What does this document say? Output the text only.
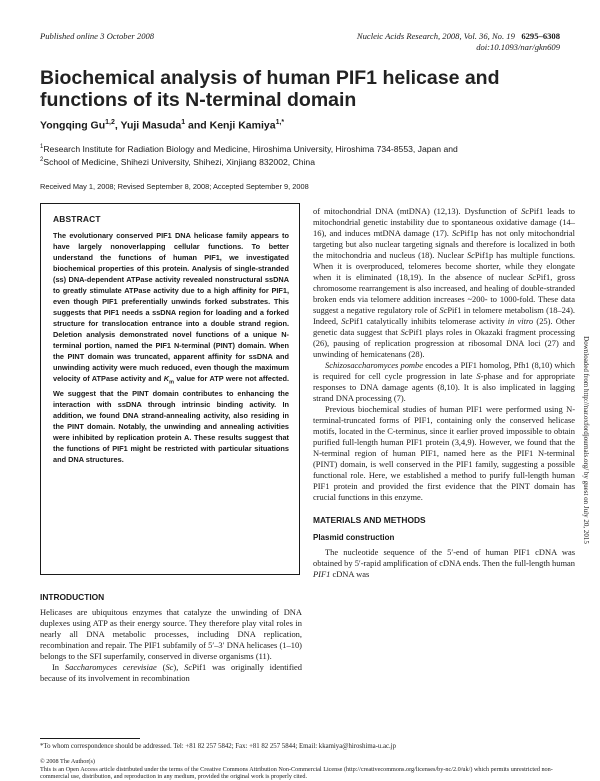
Published online 3 October 2008	Nucleic Acids Research, 2008, Vol. 36, No. 19 6295–6308
doi:10.1093/nar/gkn609
Biochemical analysis of human PIF1 helicase and functions of its N-terminal domain
Yongqing Gu$^{1,2}$, Yuji Masuda$^1$ and Kenji Kamiya$^{1,*}$
$^1$Research Institute for Radiation Biology and Medicine, Hiroshima University, Hiroshima 734-8553, Japan and
$^2$School of Medicine, Shihezi University, Shihezi, Xinjiang 832002, China
Received May 1, 2008; Revised September 8, 2008; Accepted September 9, 2008
ABSTRACT

The evolutionary conserved PIF1 DNA helicase family appears to have largely nonoverlapping cellular functions. To better understand the functions of human PIF1, we investigated biochemical properties of this protein. Analysis of single-stranded (ss) DNA-dependent ATPase activity revealed nonstructural ssDNA to greatly stimulate ATPase activity due to a high affinity for PIF1, even though PIF1 preferentially unwinds forked substrates. This suggests that PIF1 needs a ssDNA region for loading and a forked structure for translocation entrance into a double strand region. Deletion analysis demonstrated novel functions of a unique N-terminal portion, named the PIF1 N-terminal (PINT) domain. When the PINT domain was truncated, apparent affinity for ssDNA and unwinding activity were much reduced, even though the maximum velocity of ATPase activity and $K_m$ value for ATP were not affected. We suggest that the PINT domain contributes to enhancing the interaction with ssDNA through intrinsic binding activity. In addition, we found DNA strand-annealing activity, also residing in the PINT domain. Notably, the unwinding and annealing activities were inhibited by replication protein A. These results suggest that the functions of PIF1 might be restricted with particular situations and DNA structures.

INTRODUCTION

Helicases are ubiquitous enzymes that catalyze the unwinding of DNA duplexes using ATP as their energy source. They therefore play vital roles in nearly all DNA metabolic processes, including DNA replication, recombination and repair. The PIF1 subfamily of 5′–3′ DNA helicases (1–10) belongs to the SFI superfamily, conserved in diverse organisms (11).

In Saccharomyces cerevisiae (Sc), ScPif1 was originally identified because of its involvement in recombination

of mitochondrial DNA (mtDNA) (12,13). Dysfunction of ScPif1 leads to mitochondrial genetic instability due to spontaneous oxidative damage (14–16), and induces mtDNA damage (17). ScPif1p has not only mitochondrial targeting but also nuclear targeting signals and therefore is localized in both the mitochondria and nucleus (18). Nuclear ScPif1p has multiple functions. When it is overproduced, telomeres become shorter, while they elongate when it is eliminated (18,19). In the absence of nuclear ScPif1, gross chromosome rearrangement is also increased, and healing of double-stranded broken ends via telomere addition increases ~200- to 1000-fold. These data suggest a negative regulatory role of ScPif1 in telomere metabolism (18–24). Indeed, ScPif1 catalytically inhibits telomerase activity in vitro (25). Other genetic data suggest that ScPif1 plays roles in Okazaki fragment processing (26), pausing of replication progression at ribosomal DNA loci (27) and unwinding of hemicatenans (28).

Schizosaccharomyces pombe encodes a PIF1 homolog, Pfh1 (8,10) which is required for cell cycle progression in late S-phase and for appropriate responses to DNA damage agents (8,10). It is also implicated in lagging strand DNA processing (7).

Previous biochemical studies of human PIF1 were performed using N-terminal-truncated forms of PIF1, containing only the conserved helicase motifs, located in the C-terminus, since it earlier proved impossible to obtain purified full-length human PIF1 protein (3,4,9). However, we found that the N-terminal region of human PIF1, named here as the PIF1 N-terminal (PINT) domain, is well conserved in the PIF1 family, suggesting a possible functional role. Here, we established a method to purify full-length human PIF1 protein and provided the first evidence that the PINT domain has crucial functions in this enzyme.

MATERIALS AND METHODS

Plasmid construction

The nucleotide sequence of the 5′-end of human PIF1 cDNA was obtained by 5′-rapid amplification of cDNA ends. Then the full-length human PIF1 cDNA was

*To whom correspondence should be addressed. Tel: +81 82 257 5842; Fax: +81 82 257 5844; Email: kkamiya@hiroshima-u.ac.jp
© 2008 The Author(s)
This is an Open Access article distributed under the terms of the Creative Commons Attribution Non-Commercial License (http://creativecommons.org/licenses/by-nc/2.0/uk/) which permits unrestricted non-commercial use, distribution, and reproduction in any medium, provided the original work is properly cited.
Downloaded from http://nar.oxfordjournals.org/ by guest on July 20, 2015
